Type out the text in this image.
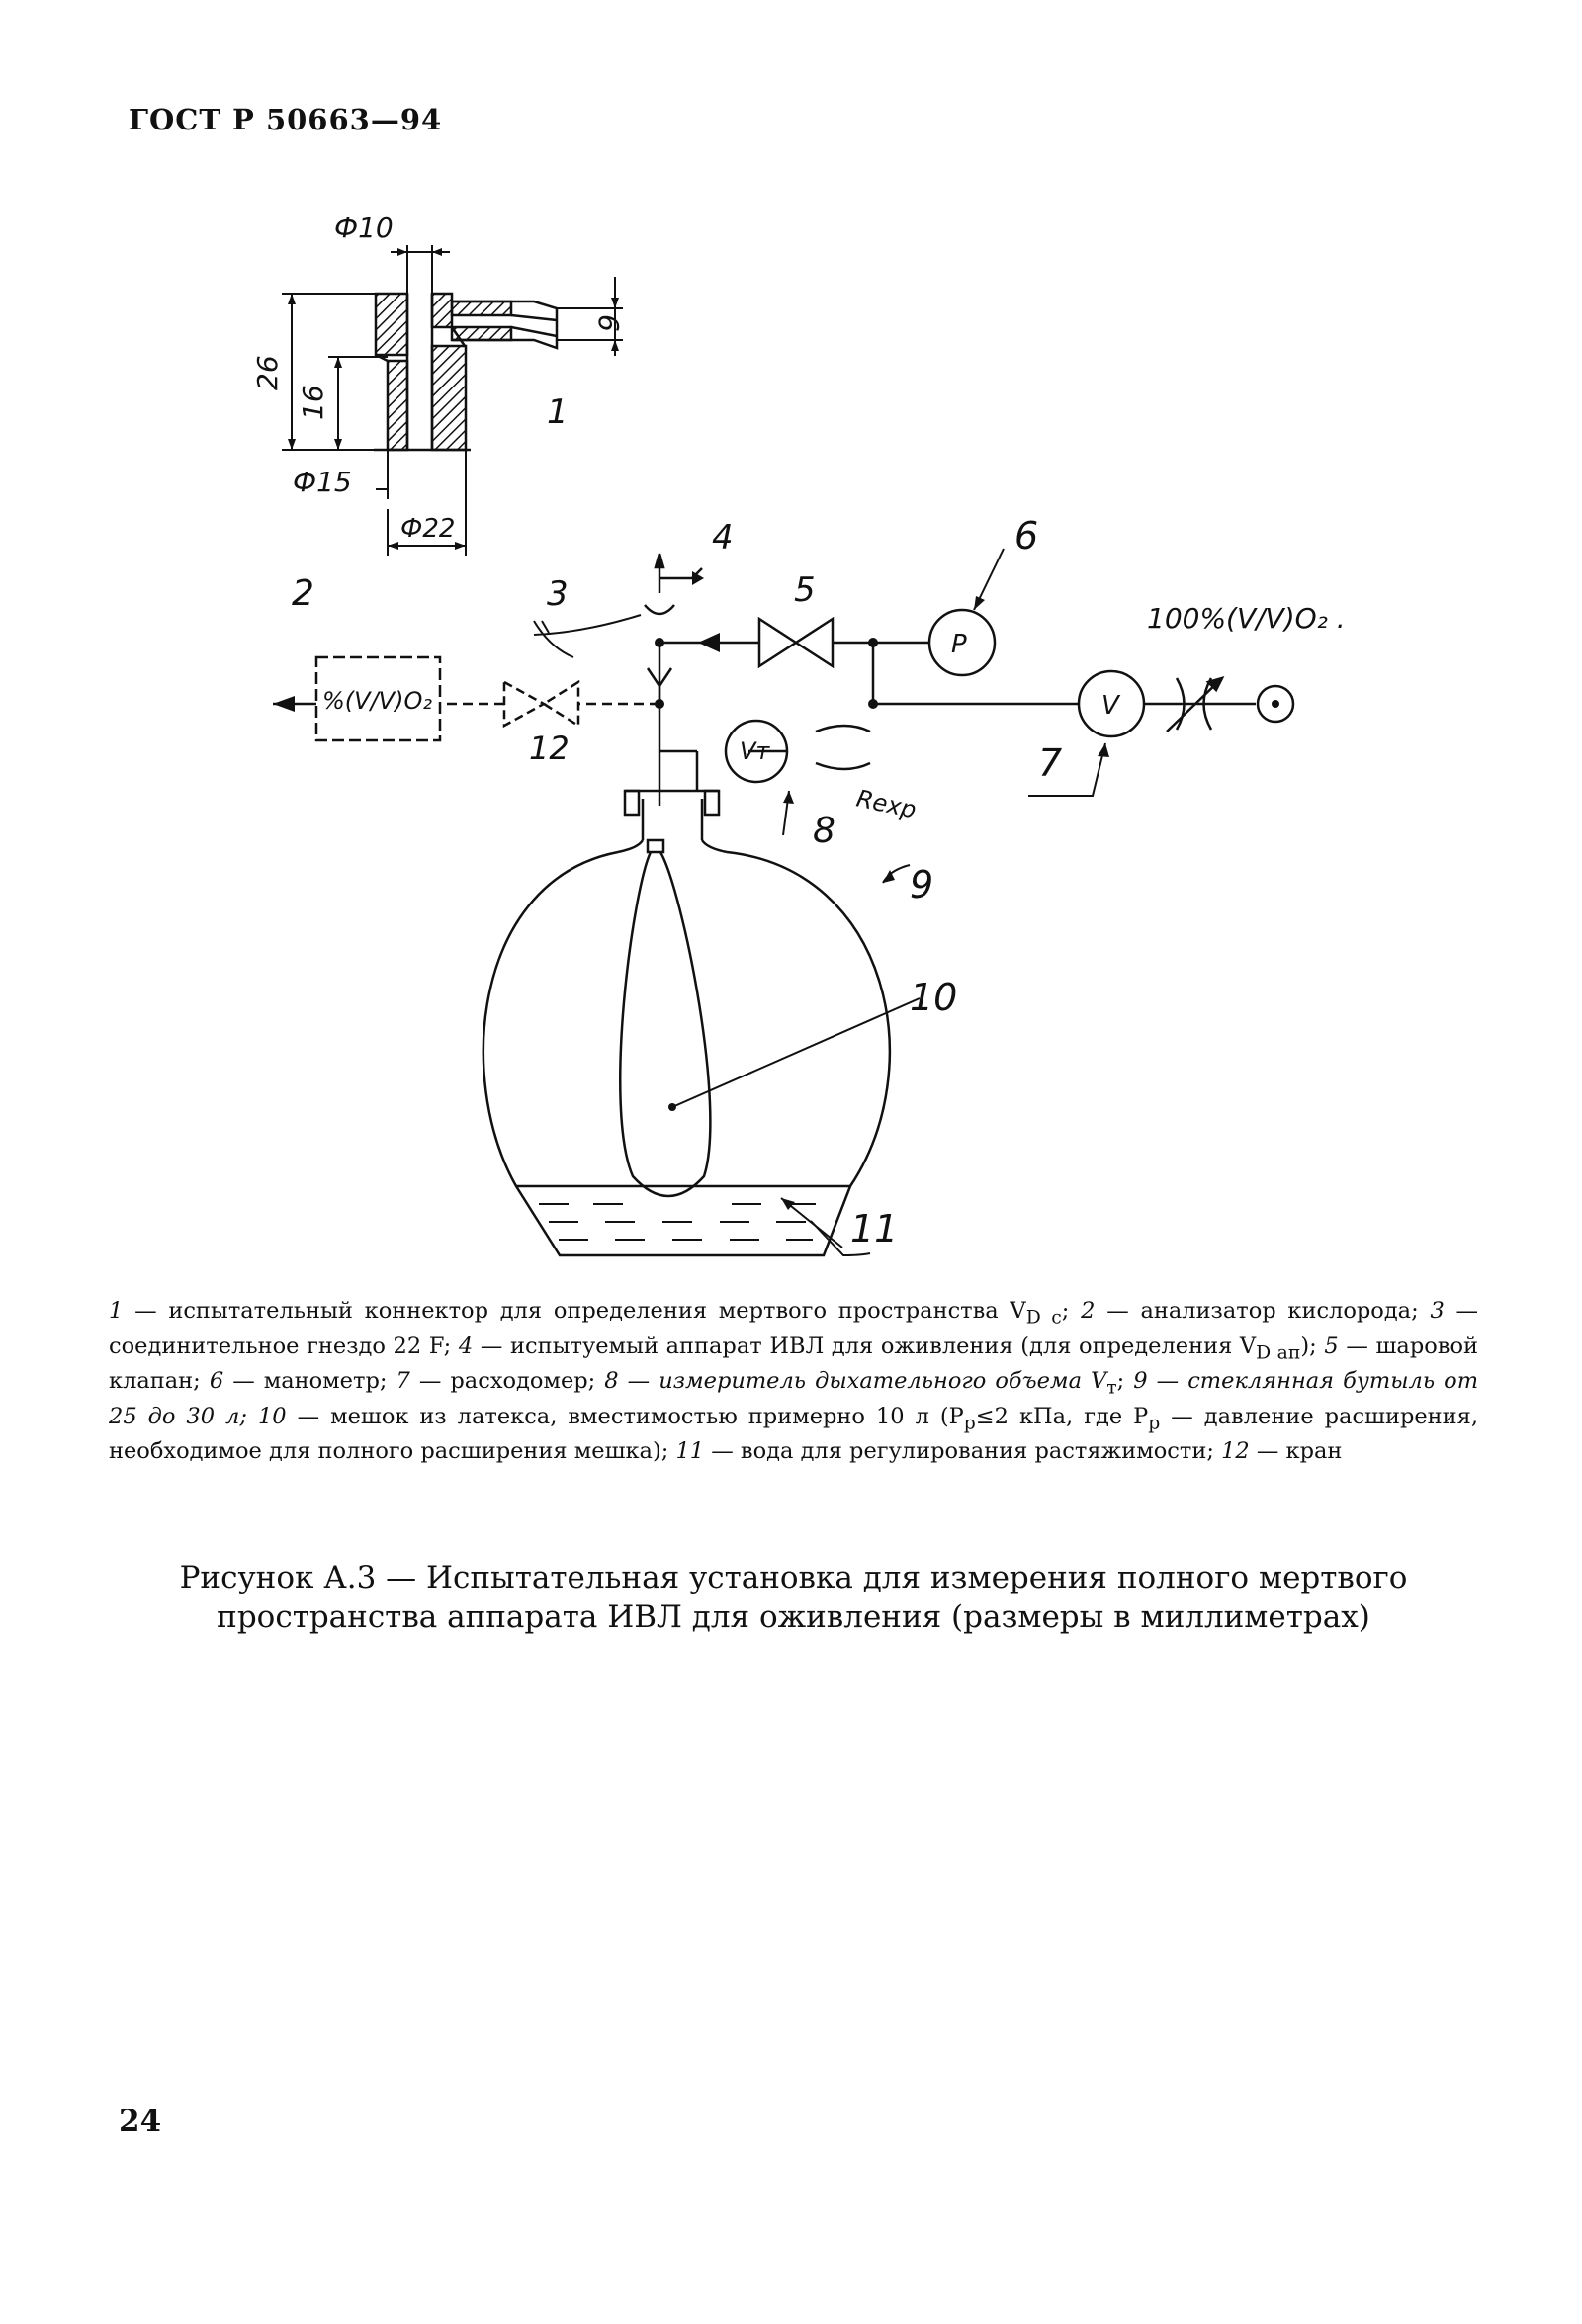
ГОСТ Р 50663—94
Ф10
26
16
6
Ф15
Ф22
1
P
V
100%(V/V)O₂ .
%(V/V)O₂
Vт
Rexp
2	3
4
5
6
7
8
9
10
11
12
1 — испытательный коннектор для определения мертвого пространства $V_{D с}$; 2 — анализатор кислорода; 3 — соединительное гнездо 22 F; 4 — испытуемый аппарат ИВЛ для оживления (для определения $V_{D ап}$); 5 — шаровой клапан; 6 — манометр; 7 — расходомер; 8 — измеритель дыхательного объема $V_т$; 9 — стеклянная бутыль от 25 до 30 л; 10 — мешок из латекса, вместимостью примерно 10 л ($P_р\le 2$ кПа, где $P_р$ — давление расширения, необходимое для полного расширения мешка); 11 — вода для регулирования растяжимости; 12 — кран
Рисунок А.3 — Испытательная установка для измерения полного мертвого
пространства аппарата ИВЛ для оживления (размеры в миллиметрах)
24
